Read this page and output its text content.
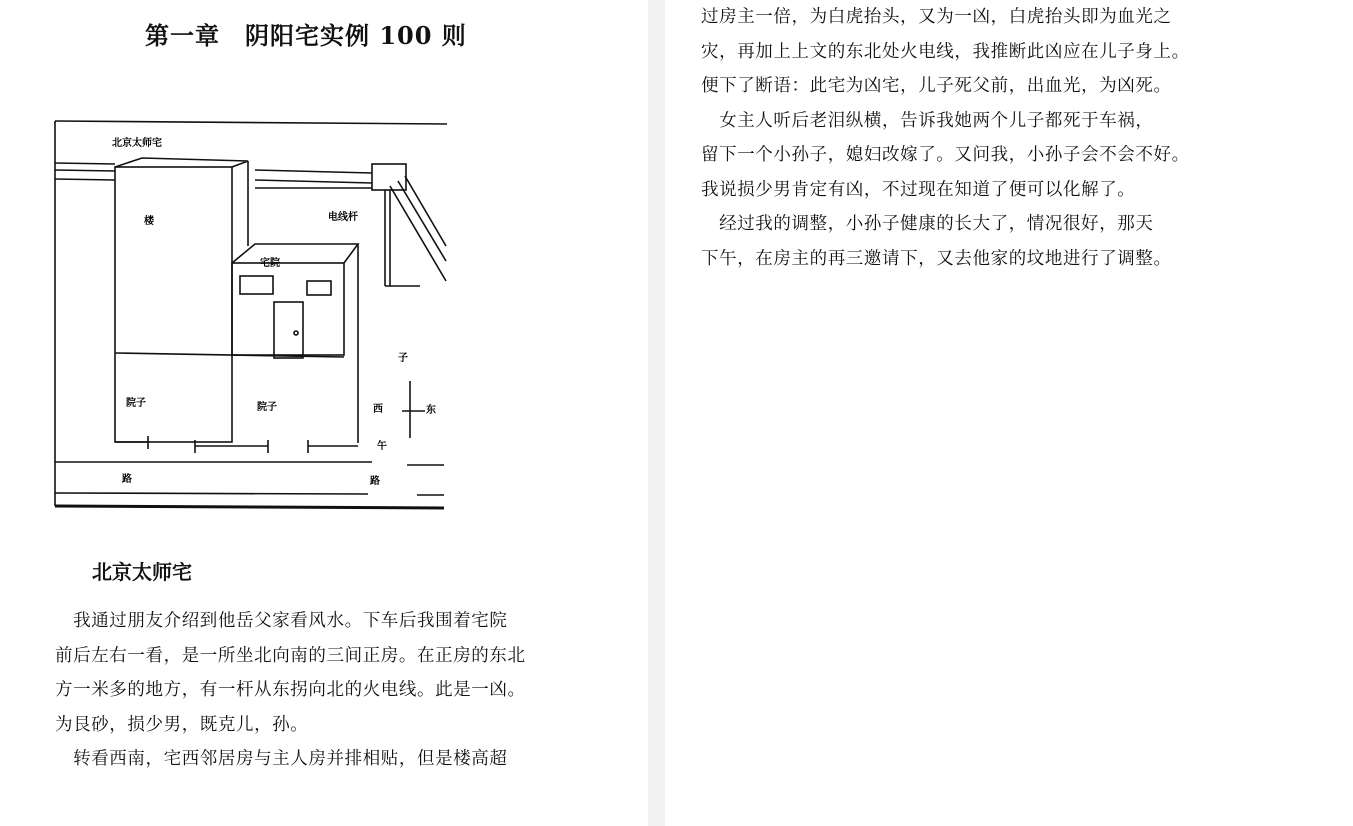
第一章　阴阳宅实例 100 则
北京太师宅
楼	电线杆
宅院
院子	院子
子
西	东
午
路	路
北京太师宅
　我通过朋友介绍到他岳父家看风水。下车后我围着宅院
前后左右一看，是一所坐北向南的三间正房。在正房的东北
方一米多的地方，有一杆从东拐向北的火电线。此是一凶。
为艮砂，损少男，既克儿，孙。
　转看西南，宅西邻居房与主人房并排相贴，但是楼高超
过房主一倍，为白虎抬头，又为一凶，白虎抬头即为血光之
灾，再加上上文的东北处火电线，我推断此凶应在儿子身上。
便下了断语：此宅为凶宅，儿子死父前，出血光，为凶死。
　女主人听后老泪纵横，告诉我她两个儿子都死于车祸，
留下一个小孙子，媳妇改嫁了。又问我，小孙子会不会不好。
我说损少男肯定有凶，不过现在知道了便可以化解了。
　经过我的调整，小孙子健康的长大了，情况很好，那天
下午，在房主的再三邀请下，又去他家的坟地进行了调整。
